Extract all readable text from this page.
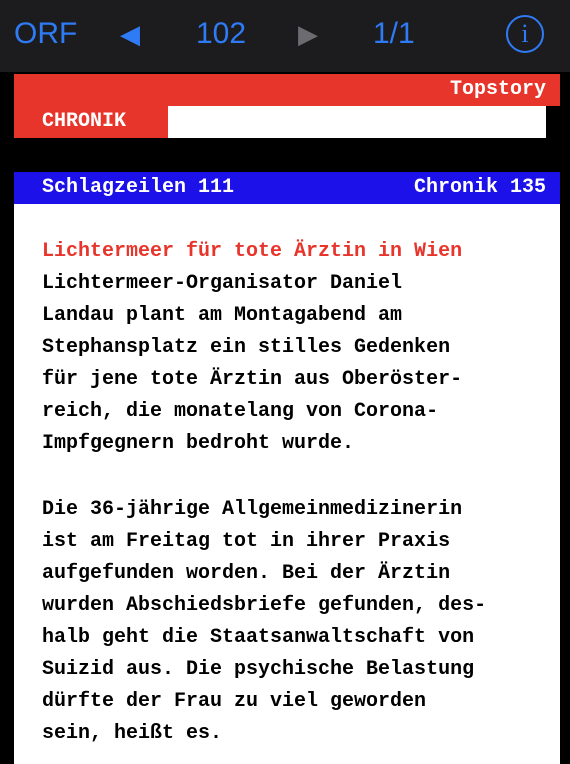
ORF ◀ 102 ▶ 1/1	i
Topstory
CHRONIK
Schlagzeilen 111	Chronik 135
Lichtermeer für tote Ärztin in Wien
Lichtermeer-Organisator Daniel
Landau plant am Montagabend am
Stephansplatz ein stilles Gedenken
für jene tote Ärztin aus Oberöster-
reich, die monatelang von Corona-
Impfgegnern bedroht wurde.
Die 36-jährige Allgemeinmedizinerin
ist am Freitag tot in ihrer Praxis
aufgefunden worden. Bei der Ärztin
wurden Abschiedsbriefe gefunden, des-
halb geht die Staatsanwaltschaft von
Suizid aus. Die psychische Belastung
dürfte der Frau zu viel geworden
sein, heißt es.
